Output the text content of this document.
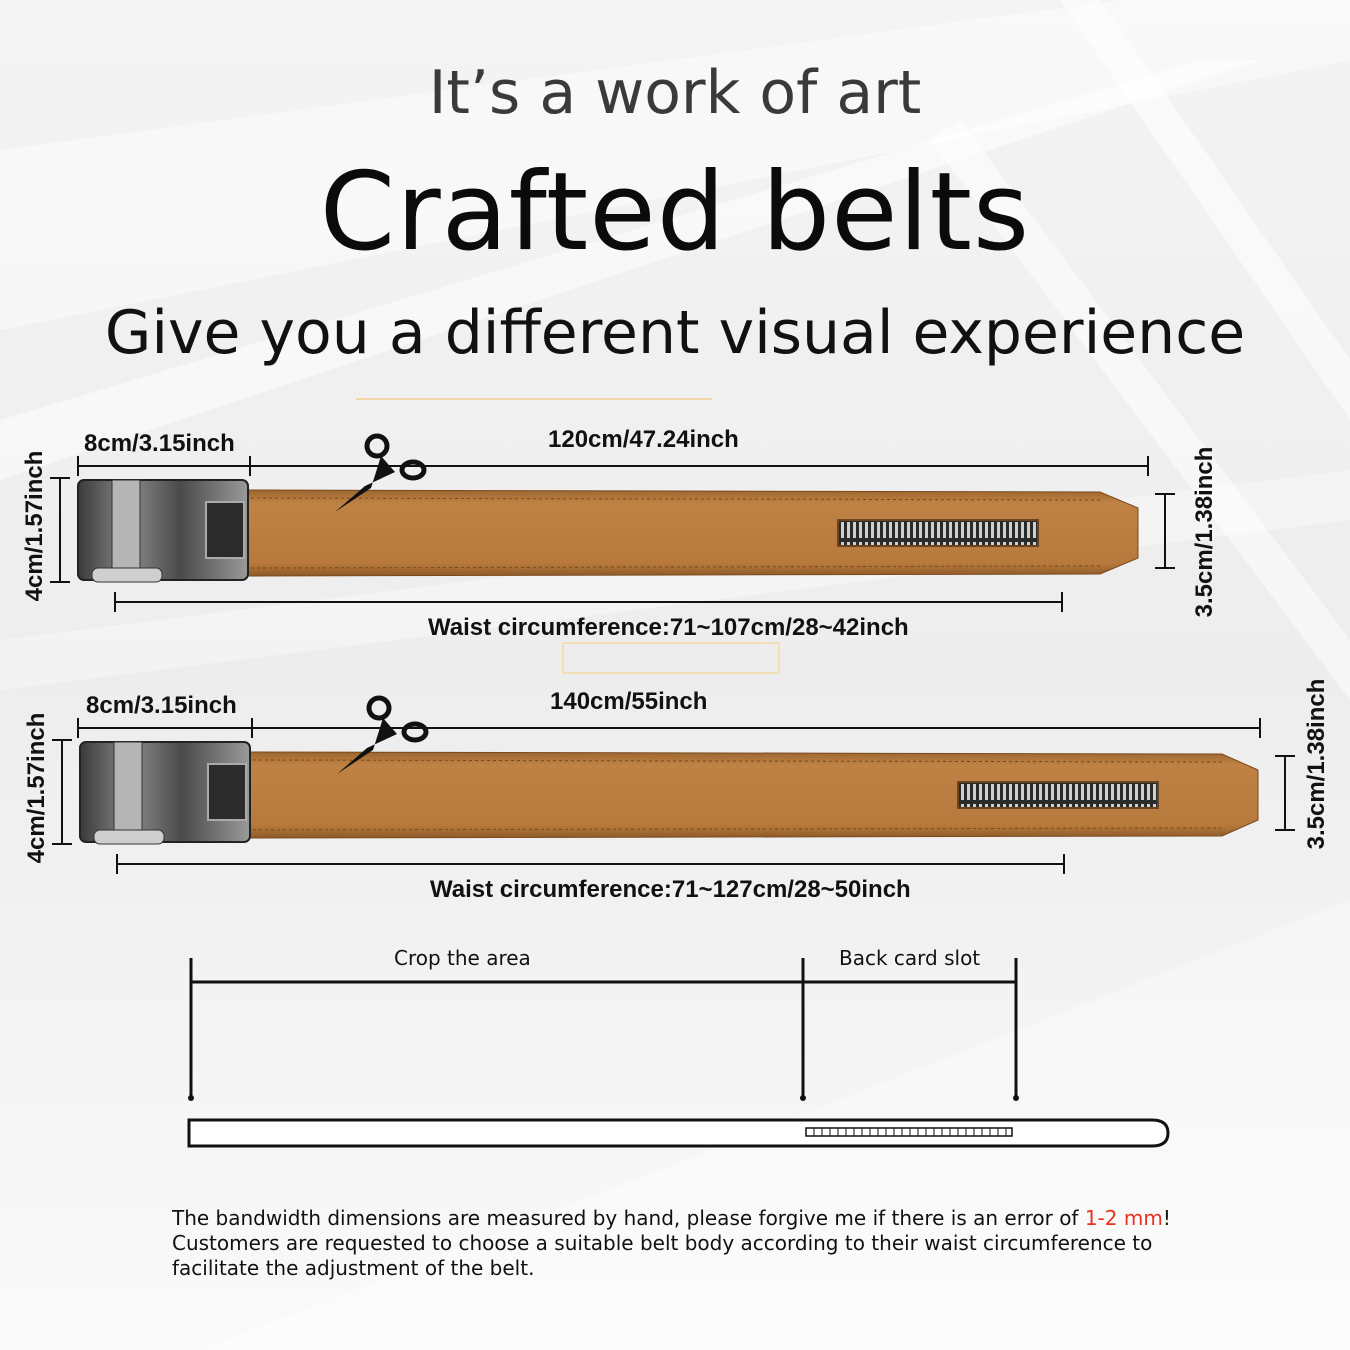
It’s a work of art
Crafted belts
Give you a different visual experience
8cm/3.15inch	120cm/47.24inch
4cm/1.57inch	3.5cm/1.38inch
Waist circumference:71~107cm/28~42inch
8cm/3.15inch	140cm/55inch
4cm/1.57inch	3.5cm/1.38inch
Waist circumference:71~127cm/28~50inch
Crop the area	Back card slot
The bandwidth dimensions are measured by hand, please forgive me if there is an error of 1-2 mm!
Customers are requested to choose a suitable belt body according to their waist circumference to facilitate the adjustment of the belt.
